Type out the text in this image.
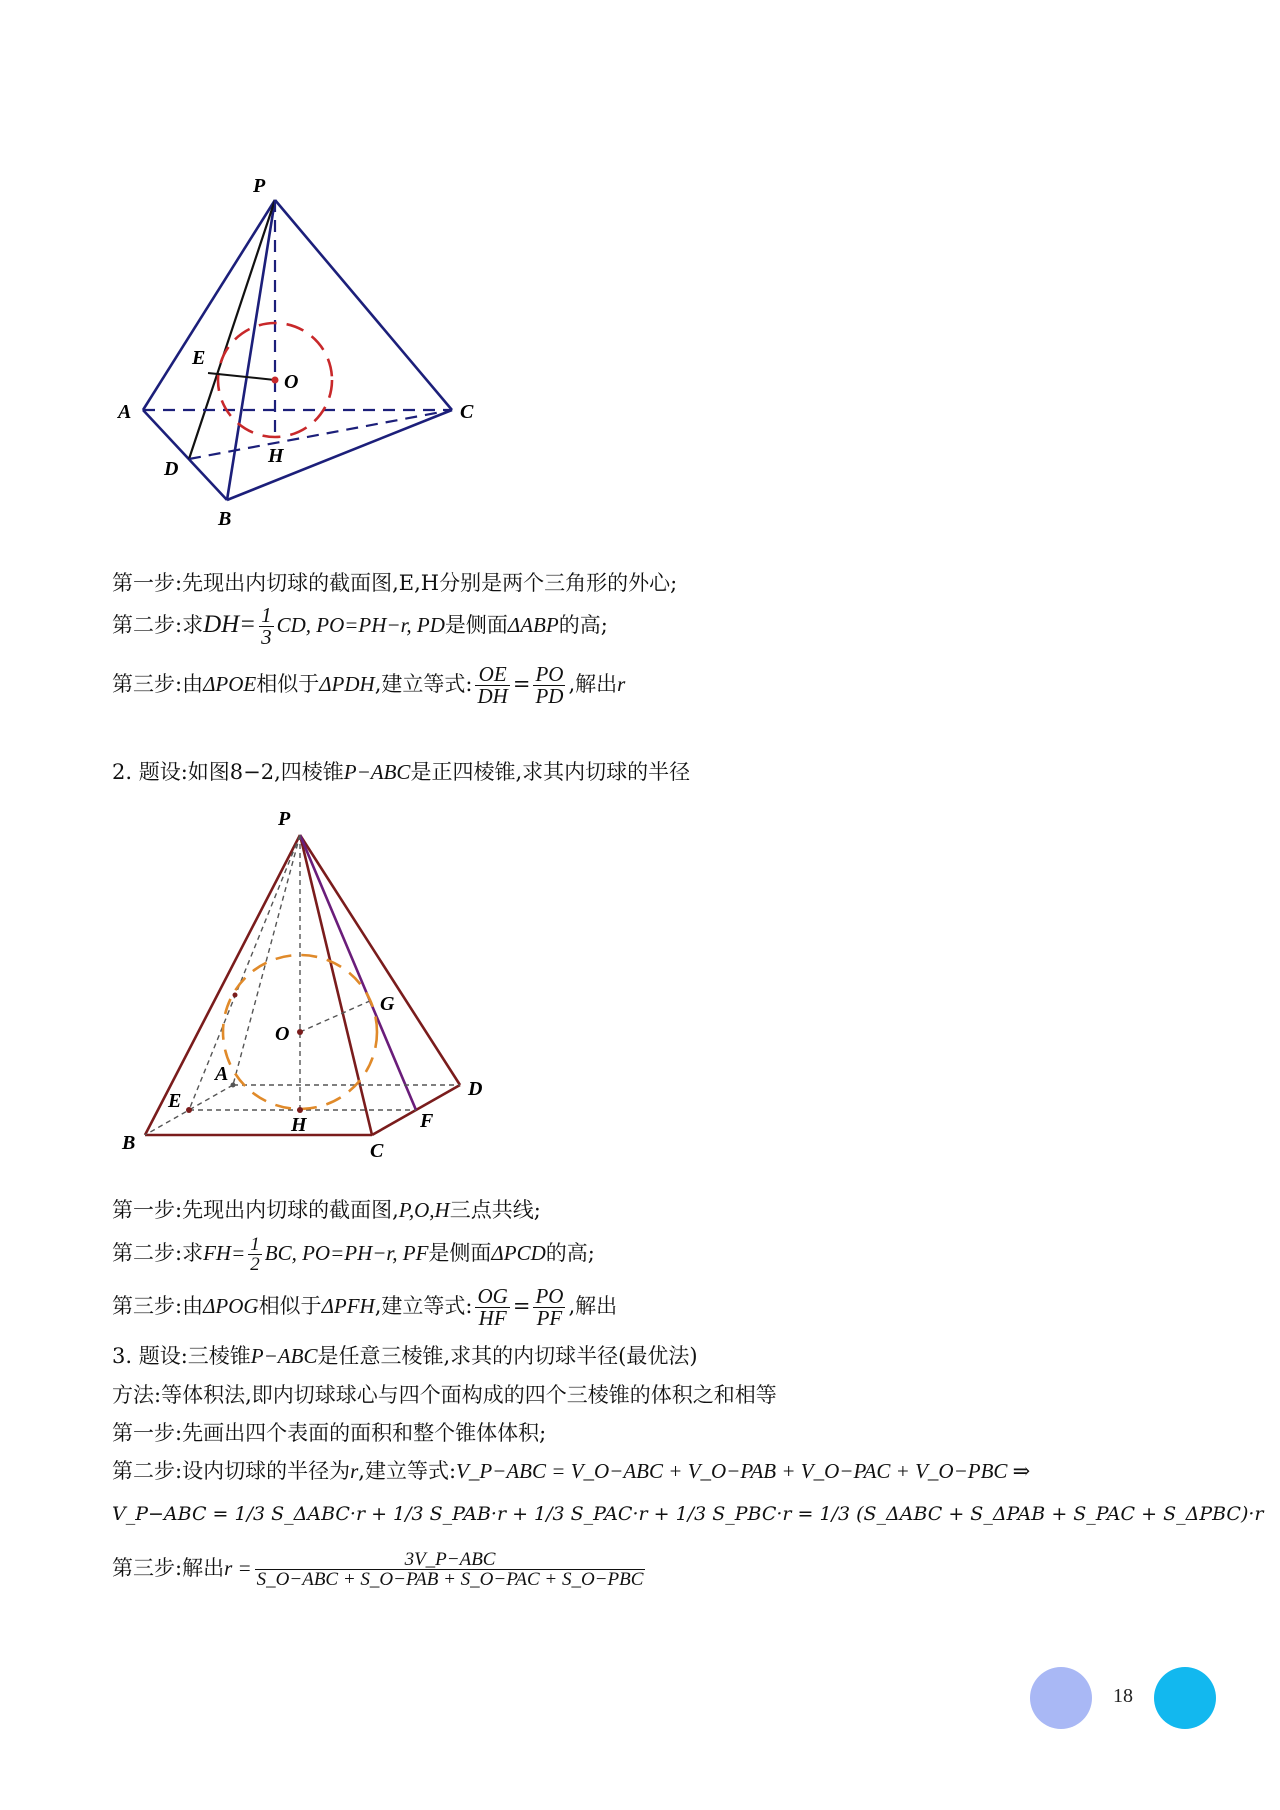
P
A
B
C
D
E
H
O
第一步:先现出内切球的截面图,E,H分别是两个三角形的外心;
第二步:求$DH= \frac{1}{3}$ CD, PO=PH−r, PD是侧面ΔABP的高;
第三步:由ΔPOE相似于ΔPDH,建立等式: $\frac{OE}{DH} = \frac{PO}{PD}$ ,解出r
2. 题设:如图8−2,四棱锥P−ABC是正四棱锥,求其内切球的半径
P
O
G
A
D
E
H	F
B	C
第一步:先现出内切球的截面图,P,O,H三点共线;
第二步:求$FH= \frac{1}{2}$ BC, PO=PH−r, PF是侧面ΔPCD的高;
第三步:由ΔPOG相似于ΔPFH,建立等式: $\frac{OG}{HF} = \frac{PO}{PF}$ ,解出
3. 题设:三棱锥P−ABC是任意三棱锥,求其的内切球半径(最优法)
方法:等体积法,即内切球球心与四个面构成的四个三棱锥的体积之和相等
第一步:先画出四个表面的面积和整个锥体体积;
第二步:设内切球的半径为r,建立等式:V_P−ABC = V_O−ABC + V_O−PAB + V_O−PAC + V_O−PBC ⇒
V_P−ABC = 1/3 S_ΔABC·r + 1/3 S_PAB·r + 1/3 S_PAC·r + 1/3 S_PBC·r = 1/3 (S_ΔABC + S_ΔPAB + S_PAC + S_ΔPBC)·r
第三步:解出$r = \frac{\text{3V\_P−ABC}}{\text{S\_O−ABC + S\_O−PAB + S\_O−PAC + S\_O−PBC}}$
18
